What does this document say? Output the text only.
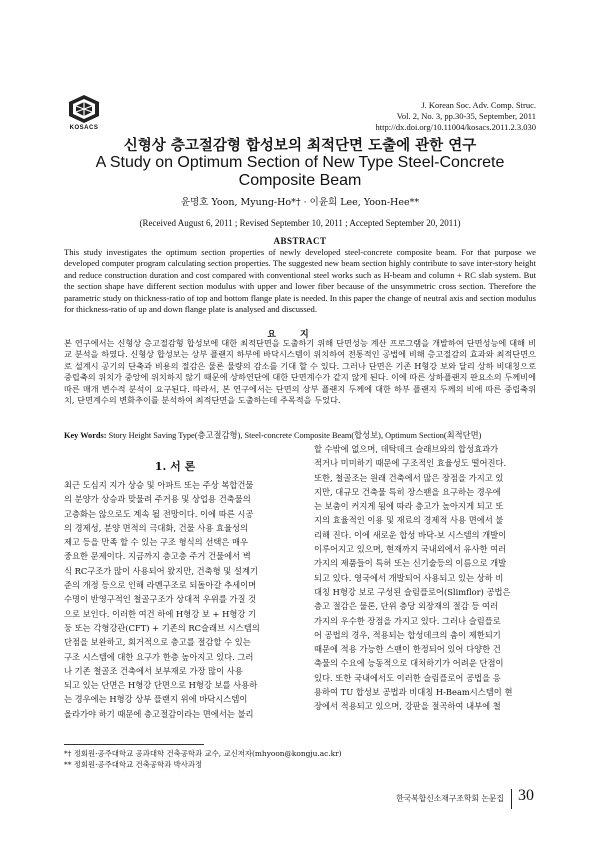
KOSACS
J. Korean Soc. Adv. Comp. Struc.
Vol. 2, No. 3, pp.30-35, September, 2011
http://dx.doi.org/10.11004/kosacs.2011.2.3.030
신형상 층고절감형 합성보의 최적단면 도출에 관한 연구
A Study on Optimum Section of New Type Steel-Concrete
Composite Beam
윤명호 Yoon, Myung-Ho*† · 이윤희 Lee, Yoon-Hee**
(Received August 6, 2011 ; Revised September 10, 2011 ; Accepted September 20, 2011)
ABSTRACT
This study investigates the optimum section properties of newly developed steel-concrete composite beam. For that purpose we developed computer program calculating section properties. The suggested new beam section highly contribute to save inter-story height and reduce construction duration and cost compared with conventional steel works such as H-beam and column + RC slab system. But the section shape have different section modulus with upper and lower fiber because of the unsymmetric cross section. Therefore the parametric study on thickness-ratio of top and bottom flange plate is needed. In this paper the change of neutral axis and section modulus for thickness-ratio of up and down flange plate is analysed and discussed.
요지
본 연구에서는 신형상 층고절감형 합성보에 대한 최적단면을 도출하기 위해 단면성능 계산 프로그램을 개발하여 단면성능에 대해 비교 분석을 하였다. 신형상 합성보는 상부 플랜지 하부에 바닥시스템이 위치하여 전통적인 공법에 비해 층고절감의 효과와 최적단면으로 설계시 공기의 단축과 비용의 절감은 물론 물량의 감소를 기대 할 수 있다. 그러나 단면은 기존 H형강 보와 달리 상하 비대칭으로 중립축의 위치가 중앙에 위치하지 않기 때문에 상하연단에 대한 단면계수가 같지 않게 된다. 이에 따른 상하플랜지 판요소의 두께비에 따른 매개 변수적 분석이 요구된다. 따라서, 본 연구에서는 단면의 상부 플랜지 두께에 대한 하부 플랜지 두께의 비에 따른 중립축위치, 단면계수의 변화추이를 분석하여 최적단면을 도출하는데 주목적을 두었다.
Key Words: Story Height Saving Type(층고절감형), Steel-concrete Composite Beam(합성보), Optimum Section(최적단면)
1. 서 론
최근 도심지 지가 상승 및 아파트 또는 주상 복합건물
의 분양가 상승과 맞물려 주거용 및 상업용 건축물의
고층화는 않으로도 계속 될 전망이다. 이에 따른 시공
의 경제성, 분양 면적의 극대화, 건물 사용 효율성의
제고 등을 만족 할 수 있는 구조 형식의 선택은 매우
중요한 문제이다. 지금까지 층고층 주거 건물에서 벽
식 RC구조가 많이 사용되어 왔지만, 건축형 및 설계기
준의 개정 등으로 인해 라멘구조로 되돌아갈 추세이며
수명이 반영구적인 철골구조가 상대적 우위를 가질 것
으로 보인다. 이러한 여건 하에 H형강 보 + H형강 기
둥 또는 각형강관(CFT) + 기존의 RC슬래브 시스템의
단점을 보완하고, 회거적으로 층고를 절감할 수 있는
구조 시스템에 대한 요구가 한층 높아지고 있다. 그러
나 기존 철골조 건축에서 보부재로 가장 많이 사용
되고 있는 단면은 H형강 단면으로 H형강 보를 사용하
는 경우에는 H형강 상부 플랜지 위에 바닥시스템이
올라가야 하기 때문에 층고절감이라는 면에서는 불리
할 수밖에 없으며, 데탁데크 슬래브와의 합성효과가
적거나 미미하기 때문에 구조적인 효율성도 떨어진다.
또한, 철골조는 원래 건축에서 많은 장점을 가지고 있
지만, 대규모 건축물 특히 장스팬을 요구하는 경우에
는 보춤이 커지게 됨에 따라 층고가 높아지게 되고 또
지의 효율적인 이용 및 재료의 경제적 사용 면에서 불
리해 진다. 이에 새로운 합성 바닥-보 시스템의 개발이
이루어지고 있으며, 현재까지 국내외에서 유사한 여러
가지의 제품들이 특허 또는 신기술등의 이름으로 개발
되고 있다. 영국에서 개발되어 사용되고 있는 상하 비
대칭 H형강 보로 구성된 슬림플로어(Slimflor) 공법은
층고 절감은 물론, 단위 층당 외장재의 절감 등 여러
가지의 우수한 장점을 가지고 있다. 그러나 슬림플로
어 공법의 경우, 적용되는 합성데크의 춤이 제한되기
때문에 적용 가능한 스팬이 한정되어 있어 다양한 건
축물의 수요에 능동적으로 대처하기가 어려운 단점이
있다. 또한 국내에서도 이러한 슬림플로어 공법을 응
용하여 TU 합성보 공법과 비대칭 H-Beam시스템이 현
장에서 적용되고 있으며, 강판을 절곡하여 내부에 철
*† 정회원·공주대학교 공과대학 건축공학과 교수, 교신저자(mhyoon@kongju.ac.kr)
** 정회원·공주대학교 건축공학과 박사과정
한국복합신소재구조학회 논문집 30
